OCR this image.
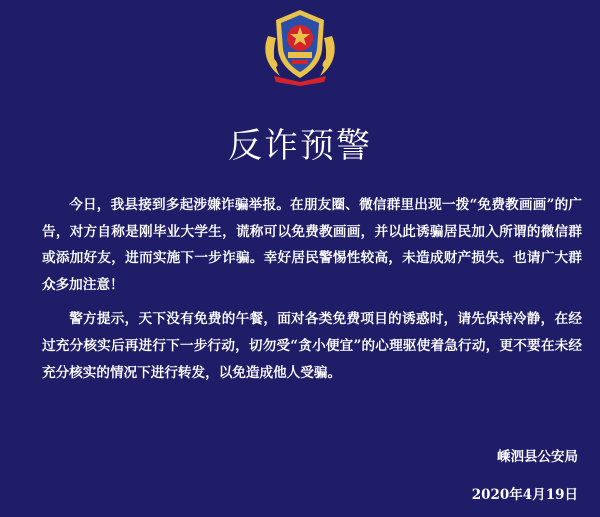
反诈预警

今日，我县接到多起涉嫌诈骗举报。在朋友圈、微信群里出现一拨“免费教画画”的广告，对方自称是刚毕业大学生，谎称可以免费教画画，并以此诱骗居民加入所谓的微信群或添加好友，进而实施下一步诈骗。幸好居民警惕性较高，未造成财产损失。也请广大群众多加注意！

警方提示，天下没有免费的午餐，面对各类免费项目的诱惑时，请先保持冷静，在经过充分核实后再进行下一步行动，切勿受“贪小便宜”的心理驱使着急行动，更不要在未经充分核实的情况下进行转发，以免造成他人受骗。

嵊泗县公安局
2020年4月19日
